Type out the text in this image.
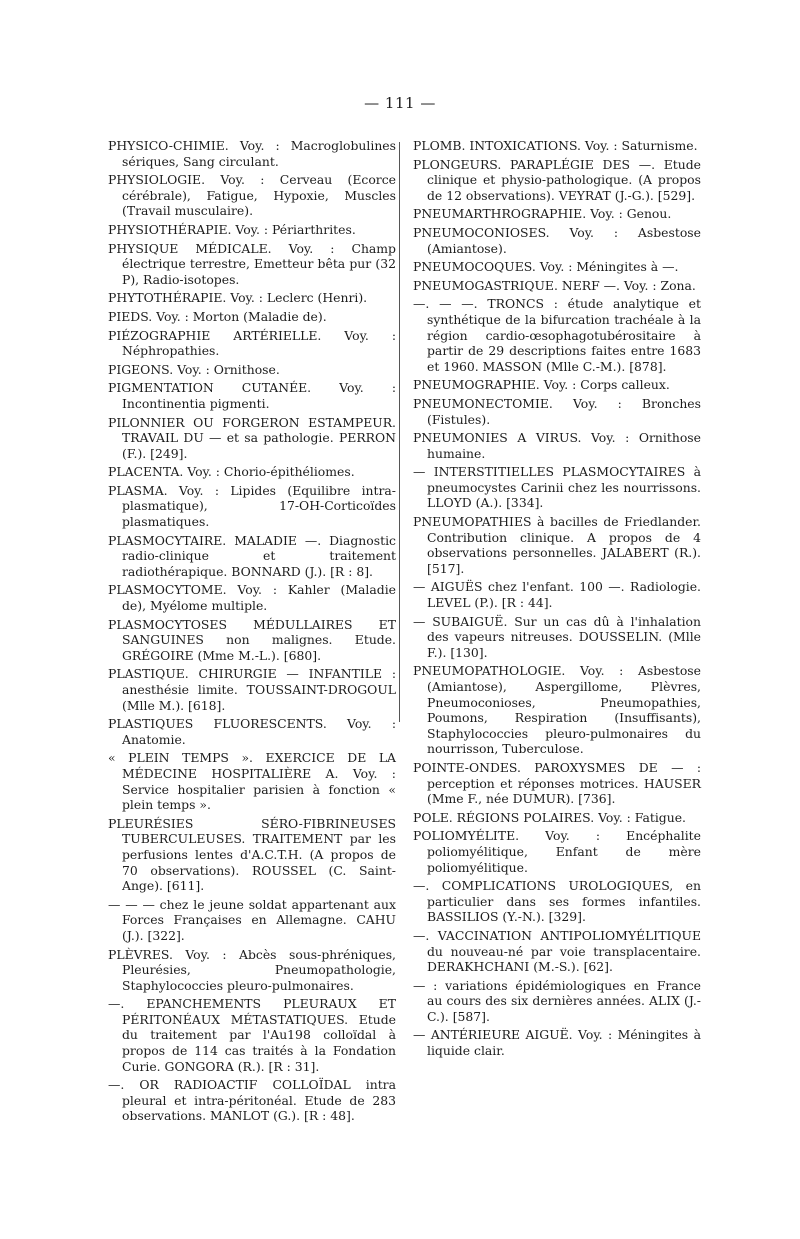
— 111 —

PHYSICO-CHIMIE. Voy. : Macroglobulines sériques, Sang circulant.

PHYSIOLOGIE. Voy. : Cerveau (Ecorce cérébrale), Fatigue, Hypoxie, Muscles (Travail musculaire).

PHYSIOTHÉRAPIE. Voy. : Périarthrites.

PHYSIQUE MÉDICALE. Voy. : Champ électrique terrestre, Emetteur bêta pur (32 P), Radio-isotopes.

PHYTOTHÉRAPIE. Voy. : Leclerc (Henri).

PIEDS. Voy. : Morton (Maladie de).

PIÉZOGRAPHIE ARTÉRIELLE. Voy. : Néphropathies.

PIGEONS. Voy. : Ornithose.

PIGMENTATION CUTANÉE. Voy. : Incontinentia pigmenti.

PILONNIER OU FORGERON ESTAMPEUR. TRAVAIL DU — et sa pathologie. PERRON (F.). [249].

PLACENTA. Voy. : Chorio-épithéliomes.

PLASMA. Voy. : Lipides (Equilibre intra-plasmatique), 17-OH-Corticoïdes plasmatiques.

PLASMOCYTAIRE. MALADIE —. Diagnostic radio-clinique et traitement radiothérapique. BONNARD (J.). [R : 8].

PLASMOCYTOME. Voy. : Kahler (Maladie de), Myélome multiple.

PLASMOCYTOSES MÉDULLAIRES ET SANGUINES non malignes. Etude. GRÉGOIRE (Mme M.-L.). [680].

PLASTIQUE. CHIRURGIE — INFANTILE : anesthésie limite. TOUSSAINT-DROGOUL (Mlle M.). [618].

PLASTIQUES FLUORESCENTS. Voy. : Anatomie.

« PLEIN TEMPS ». EXERCICE DE LA MÉDECINE HOSPITALIÈRE A. Voy. : Service hospitalier parisien à fonction « plein temps ».

PLEURÉSIES SÉRO-FIBRINEUSES TUBERCULEUSES. TRAITEMENT par les perfusions lentes d'A.C.T.H. (A propos de 70 observations). ROUSSEL (C. Saint-Ange). [611].

— — — chez le jeune soldat appartenant aux Forces Françaises en Allemagne. CAHU (J.). [322].

PLÈVRES. Voy. : Abcès sous-phréniques, Pleurésies, Pneumopathologie, Staphylococcies pleuro-pulmonaires.

—. EPANCHEMENTS PLEURAUX ET PÉRITONÉAUX MÉTASTATIQUES. Etude du traitement par l'Au198 colloïdal à propos de 114 cas traités à la Fondation Curie. GONGORA (R.). [R : 31].

—. OR RADIOACTIF COLLOÏDAL intra pleural et intra-péritonéal. Etude de 283 observations. MANLOT (G.). [R : 48].

PLOMB. INTOXICATIONS. Voy. : Saturnisme.

PLONGEURS. PARAPLÉGIE DES —. Etude clinique et physio-pathologique. (A propos de 12 observations). VEYRAT (J.-G.). [529].

PNEUMARTHROGRAPHIE. Voy. : Genou.

PNEUMOCONIOSES. Voy. : Asbestose (Amiantose).

PNEUMOCOQUES. Voy. : Méningites à —.

PNEUMOGASTRIQUE. NERF —. Voy. : Zona.

—. — —. TRONCS : étude analytique et synthétique de la bifurcation trachéale à la région cardio-œsophagotubérositaire à partir de 29 descriptions faites entre 1683 et 1960. MASSON (Mlle C.-M.). [878].

PNEUMOGRAPHIE. Voy. : Corps calleux.

PNEUMONECTOMIE. Voy. : Bronches (Fistules).

PNEUMONIES A VIRUS. Voy. : Ornithose humaine.

— INTERSTITIELLES PLASMOCYTAIRES à pneumocystes Carinii chez les nourrissons. LLOYD (A.). [334].

PNEUMOPATHIES à bacilles de Friedlander. Contribution clinique. A propos de 4 observations personnelles. JALABERT (R.). [517].

— AIGUËS chez l'enfant. 100 —. Radiologie. LEVEL (P.). [R : 44].

— SUBAIGUË. Sur un cas dû à l'inhalation des vapeurs nitreuses. DOUSSELIN. (Mlle F.). [130].

PNEUMOPATHOLOGIE. Voy. : Asbestose (Amiantose), Aspergillome, Plèvres, Pneumoconioses, Pneumopathies, Poumons, Respiration (Insuffisants), Staphylococcies pleuro-pulmonaires du nourrisson, Tuberculose.

POINTE-ONDES. PAROXYSMES DE — : perception et réponses motrices. HAUSER (Mme F., née DUMUR). [736].

POLE. RÉGIONS POLAIRES. Voy. : Fatigue.

POLIOMYÉLITE. Voy. : Encéphalite poliomyélitique, Enfant de mère poliomyélitique.

—. COMPLICATIONS UROLOGIQUES, en particulier dans ses formes infantiles. BASSILIOS (Y.-N.). [329].

—. VACCINATION ANTIPOLIOMYÉLITIQUE du nouveau-né par voie transplacentaire. DERAKHCHANI (M.-S.). [62].

— : variations épidémiologiques en France au cours des six dernières années. ALIX (J.-C.). [587].

— ANTÉRIEURE AIGUË. Voy. : Méningites à liquide clair.
